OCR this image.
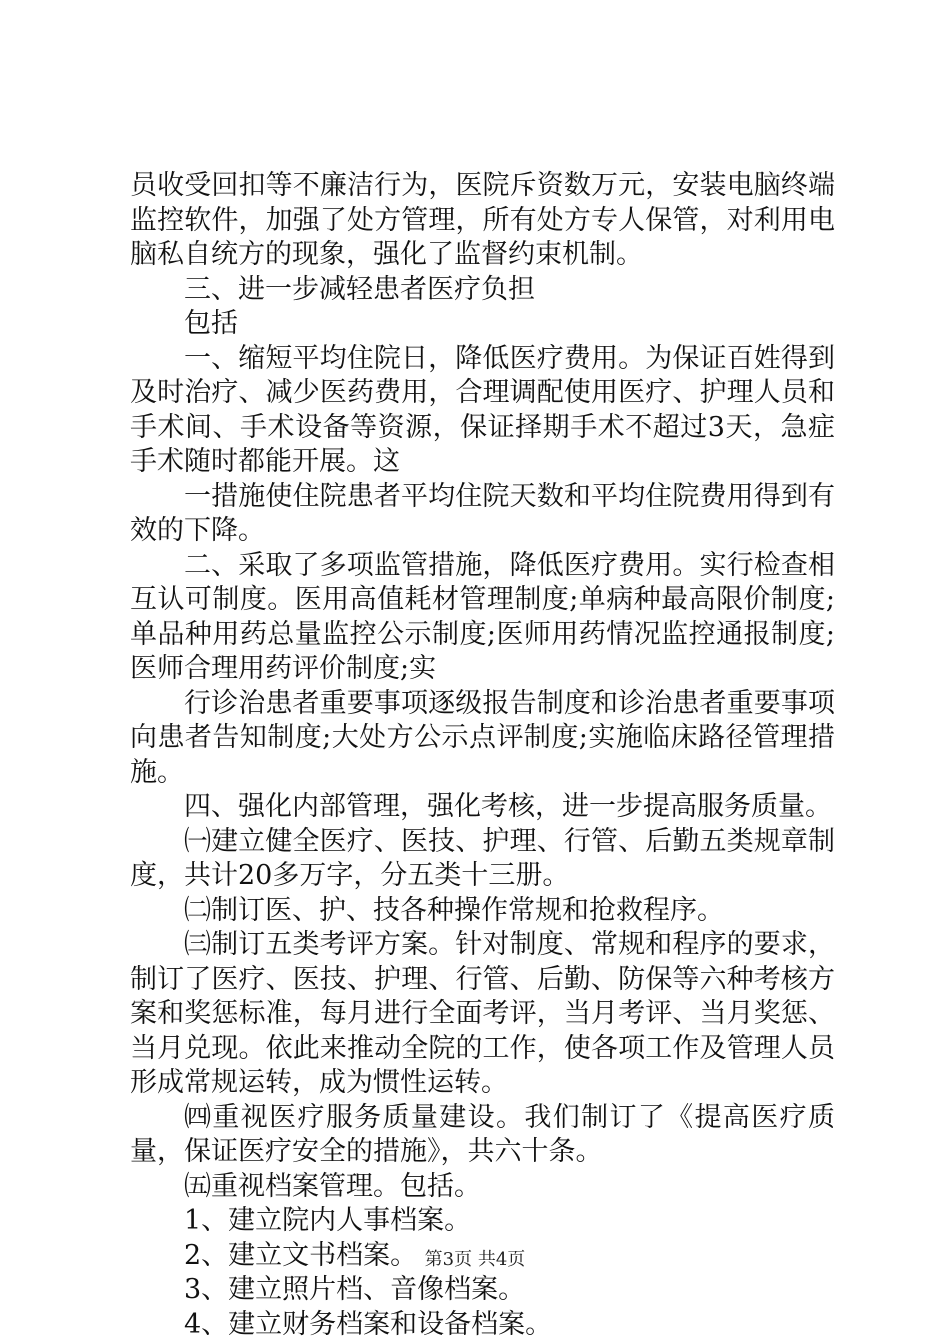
员收受回扣等不廉洁行为，医院斥资数万元，安装电脑终端监控软件，加强了处方管理，所有处方专人保管，对利用电脑私自统方的现象，强化了监督约束机制。

三、进一步减轻患者医疗负担

包括

一、缩短平均住院日，降低医疗费用。为保证百姓得到及时治疗、减少医药费用，合理调配使用医疗、护理人员和手术间、手术设备等资源，保证择期手术不超过3天，急症手术随时都能开展。这

一措施使住院患者平均住院天数和平均住院费用得到有效的下降。

二、采取了多项监管措施，降低医疗费用。实行检查相互认可制度。医用高值耗材管理制度;单病种最高限价制度;单品种用药总量监控公示制度;医师用药情况监控通报制度;医师合理用药评价制度;实

行诊治患者重要事项逐级报告制度和诊治患者重要事项向患者告知制度;大处方公示点评制度;实施临床路径管理措施。

四、强化内部管理，强化考核，进一步提高服务质量。

㈠建立健全医疗、医技、护理、行管、后勤五类规章制度，共计20多万字，分五类十三册。

㈡制订医、护、技各种操作常规和抢救程序。

㈢制订五类考评方案。针对制度、常规和程序的要求，制订了医疗、医技、护理、行管、后勤、防保等六种考核方案和奖惩标准，每月进行全面考评，当月考评、当月奖惩、当月兑现。依此来推动全院的工作，使各项工作及管理人员形成常规运转，成为惯性运转。

㈣重视医疗服务质量建设。我们制订了《提高医疗质量，保证医疗安全的措施》，共六十条。

㈤重视档案管理。包括。

1、建立院内人事档案。

2、建立文书档案。

3、建立照片档、音像档案。

4、建立财务档案和设备档案。

第3页 共4页
